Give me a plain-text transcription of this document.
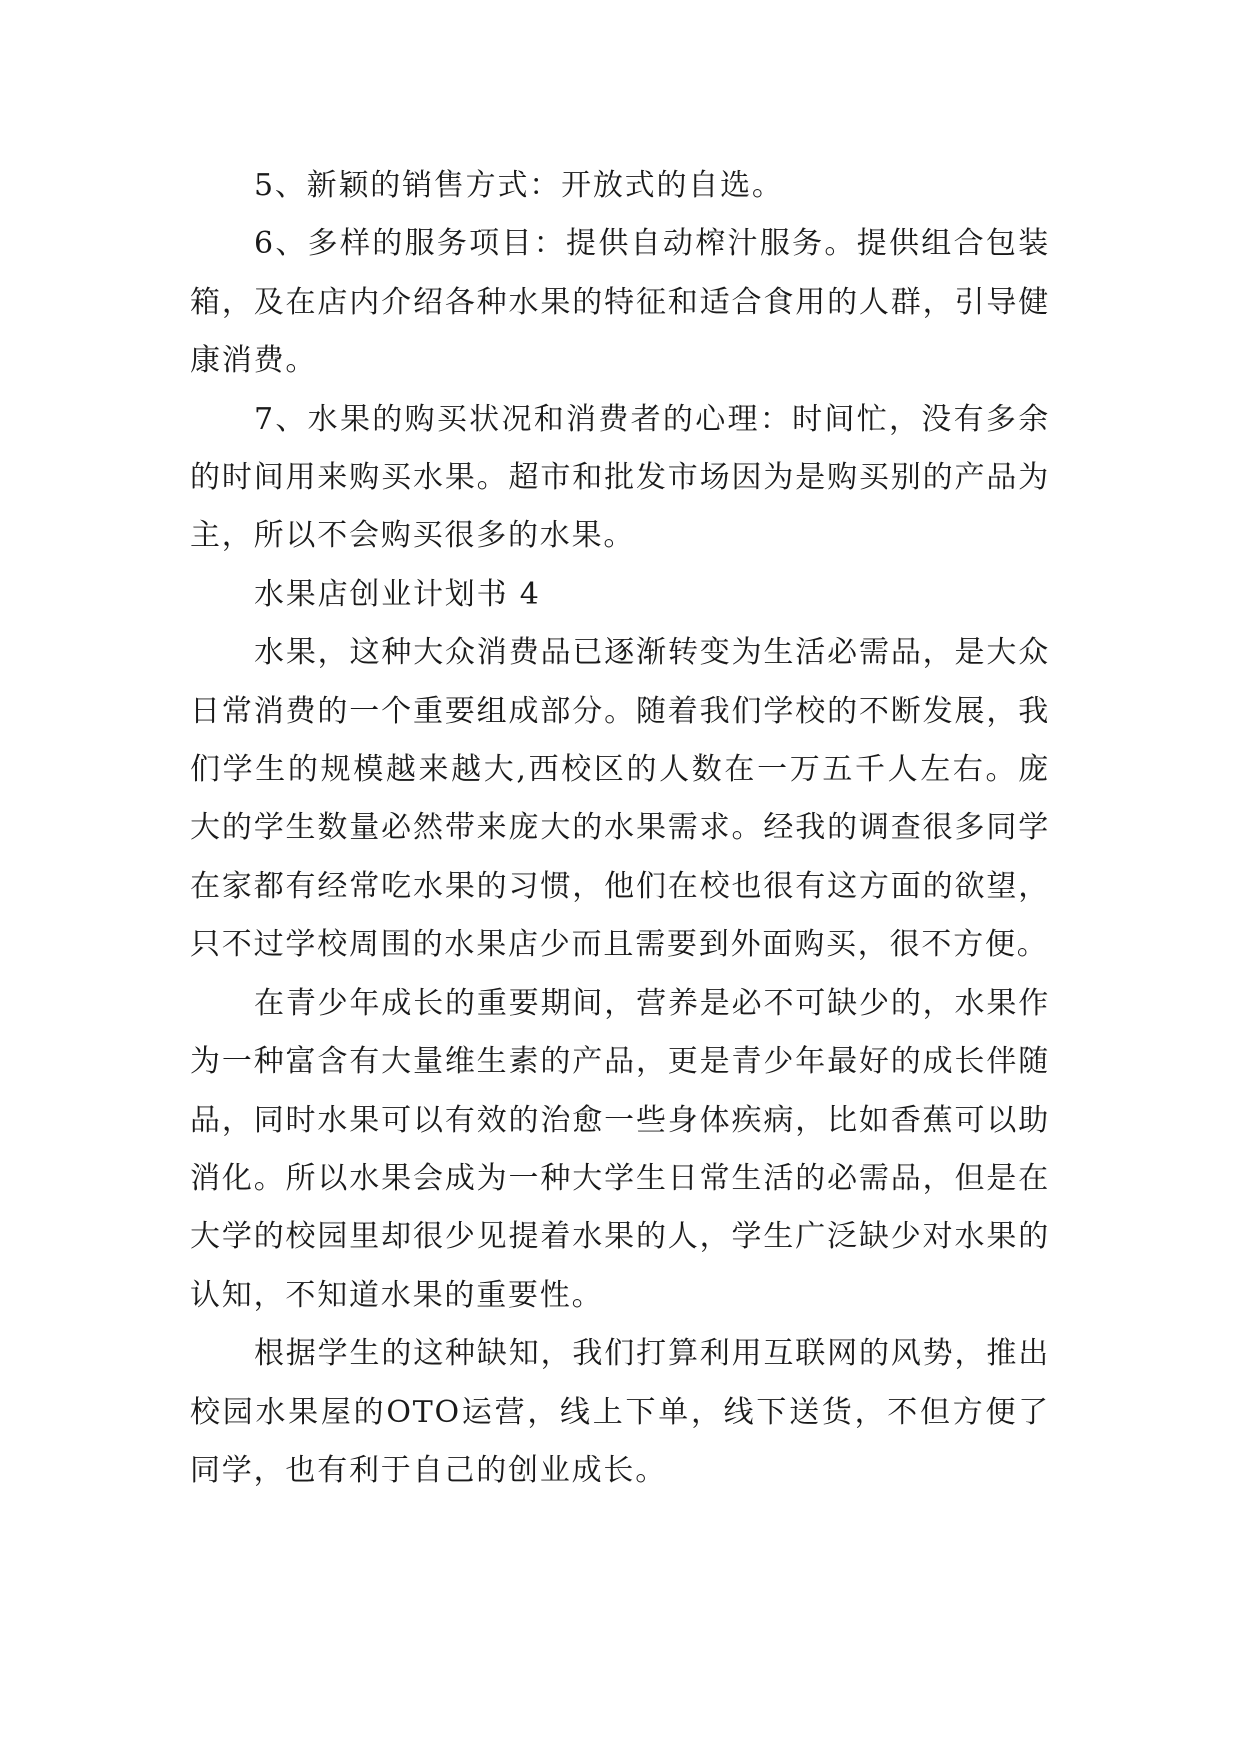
5、新颖的销售方式：开放式的自选。

6、多样的服务项目：提供自动榨汁服务。提供组合包装箱，及在店内介绍各种水果的特征和适合食用的人群，引导健康消费。

7、水果的购买状况和消费者的心理：时间忙，没有多余的时间用来购买水果。超市和批发市场因为是购买别的产品为主，所以不会购买很多的水果。

水果店创业计划书 4

水果，这种大众消费品已逐渐转变为生活必需品，是大众日常消费的一个重要组成部分。随着我们学校的不断发展，我们学生的规模越来越大,西校区的人数在一万五千人左右。庞大的学生数量必然带来庞大的水果需求。经我的调查很多同学在家都有经常吃水果的习惯，他们在校也很有这方面的欲望，只不过学校周围的水果店少而且需要到外面购买，很不方便。

在青少年成长的重要期间，营养是必不可缺少的，水果作为一种富含有大量维生素的产品，更是青少年最好的成长伴随品，同时水果可以有效的治愈一些身体疾病，比如香蕉可以助消化。所以水果会成为一种大学生日常生活的必需品，但是在大学的校园里却很少见提着水果的人，学生广泛缺少对水果的认知，不知道水果的重要性。

根据学生的这种缺知，我们打算利用互联网的风势，推出校园水果屋的OTO运营，线上下单，线下送货，不但方便了同学，也有利于自己的创业成长。
